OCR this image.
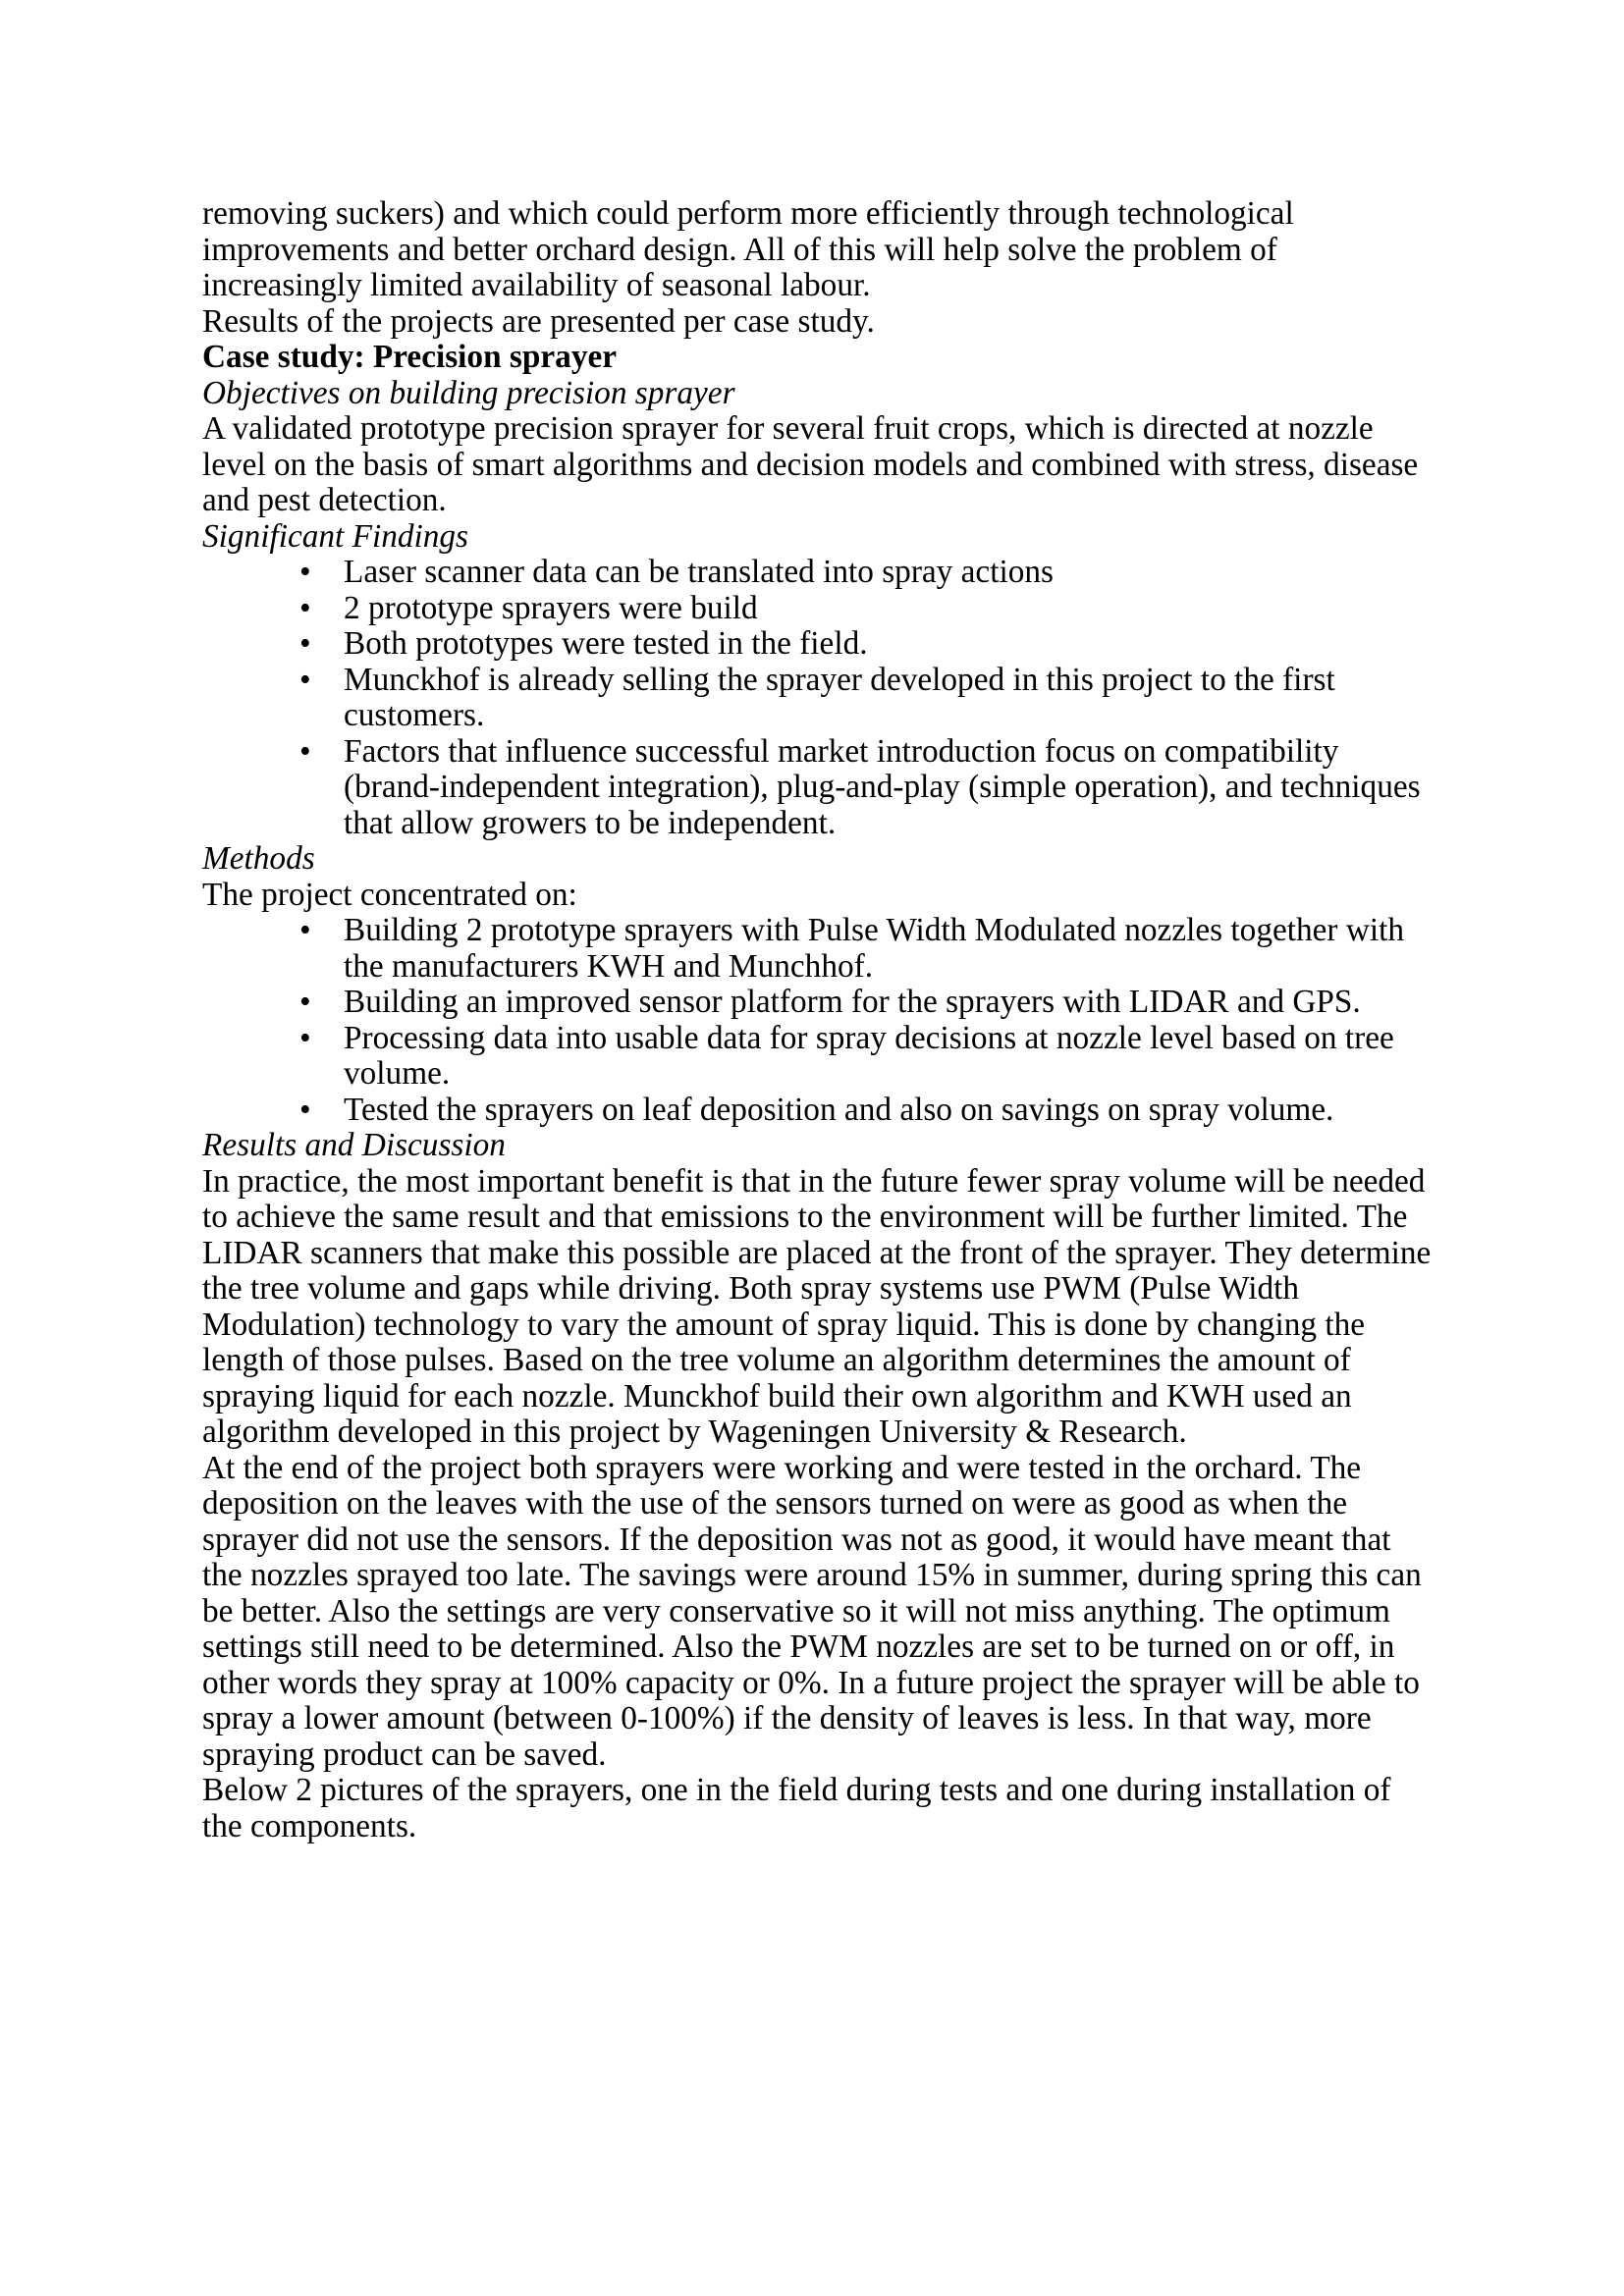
removing suckers) and which could perform more efficiently through technological improvements and better orchard design. All of this will help solve the problem of increasingly limited availability of seasonal labour.

Results of the projects are presented per case study.

Case study: Precision sprayer
Objectives on building precision sprayer

A validated prototype precision sprayer for several fruit crops, which is directed at nozzle level on the basis of smart algorithms and decision models and combined with stress, disease and pest detection.

Significant Findings
• Laser scanner data can be translated into spray actions
• 2 prototype sprayers were build
• Both prototypes were tested in the field.
• Munckhof is already selling the sprayer developed in this project to the first customers.
• Factors that influence successful market introduction focus on compatibility (brand-independent integration), plug-and-play (simple operation), and techniques that allow growers to be independent.
Methods

The project concentrated on:

• Building 2 prototype sprayers with Pulse Width Modulated nozzles together with the manufacturers KWH and Munchhof.
• Building an improved sensor platform for the sprayers with LIDAR and GPS.
• Processing data into usable data for spray decisions at nozzle level based on tree volume.
• Tested the sprayers on leaf deposition and also on savings on spray volume.
Results and Discussion

In practice, the most important benefit is that in the future fewer spray volume will be needed to achieve the same result and that emissions to the environment will be further limited. The LIDAR scanners that make this possible are placed at the front of the sprayer. They determine the tree volume and gaps while driving. Both spray systems use PWM (Pulse Width Modulation) technology to vary the amount of spray liquid. This is done by changing the length of those pulses. Based on the tree volume an algorithm determines the amount of spraying liquid for each nozzle. Munckhof build their own algorithm and KWH used an algorithm developed in this project by Wageningen University & Research.

At the end of the project both sprayers were working and were tested in the orchard. The deposition on the leaves with the use of the sensors turned on were as good as when the sprayer did not use the sensors. If the deposition was not as good, it would have meant that the nozzles sprayed too late. The savings were around 15% in summer, during spring this can be better. Also the settings are very conservative so it will not miss anything. The optimum settings still need to be determined. Also the PWM nozzles are set to be turned on or off, in other words they spray at 100% capacity or 0%. In a future project the sprayer will be able to spray a lower amount (between 0-100%) if the density of leaves is less. In that way, more spraying product can be saved.

Below 2 pictures of the sprayers, one in the field during tests and one during installation of the components.
